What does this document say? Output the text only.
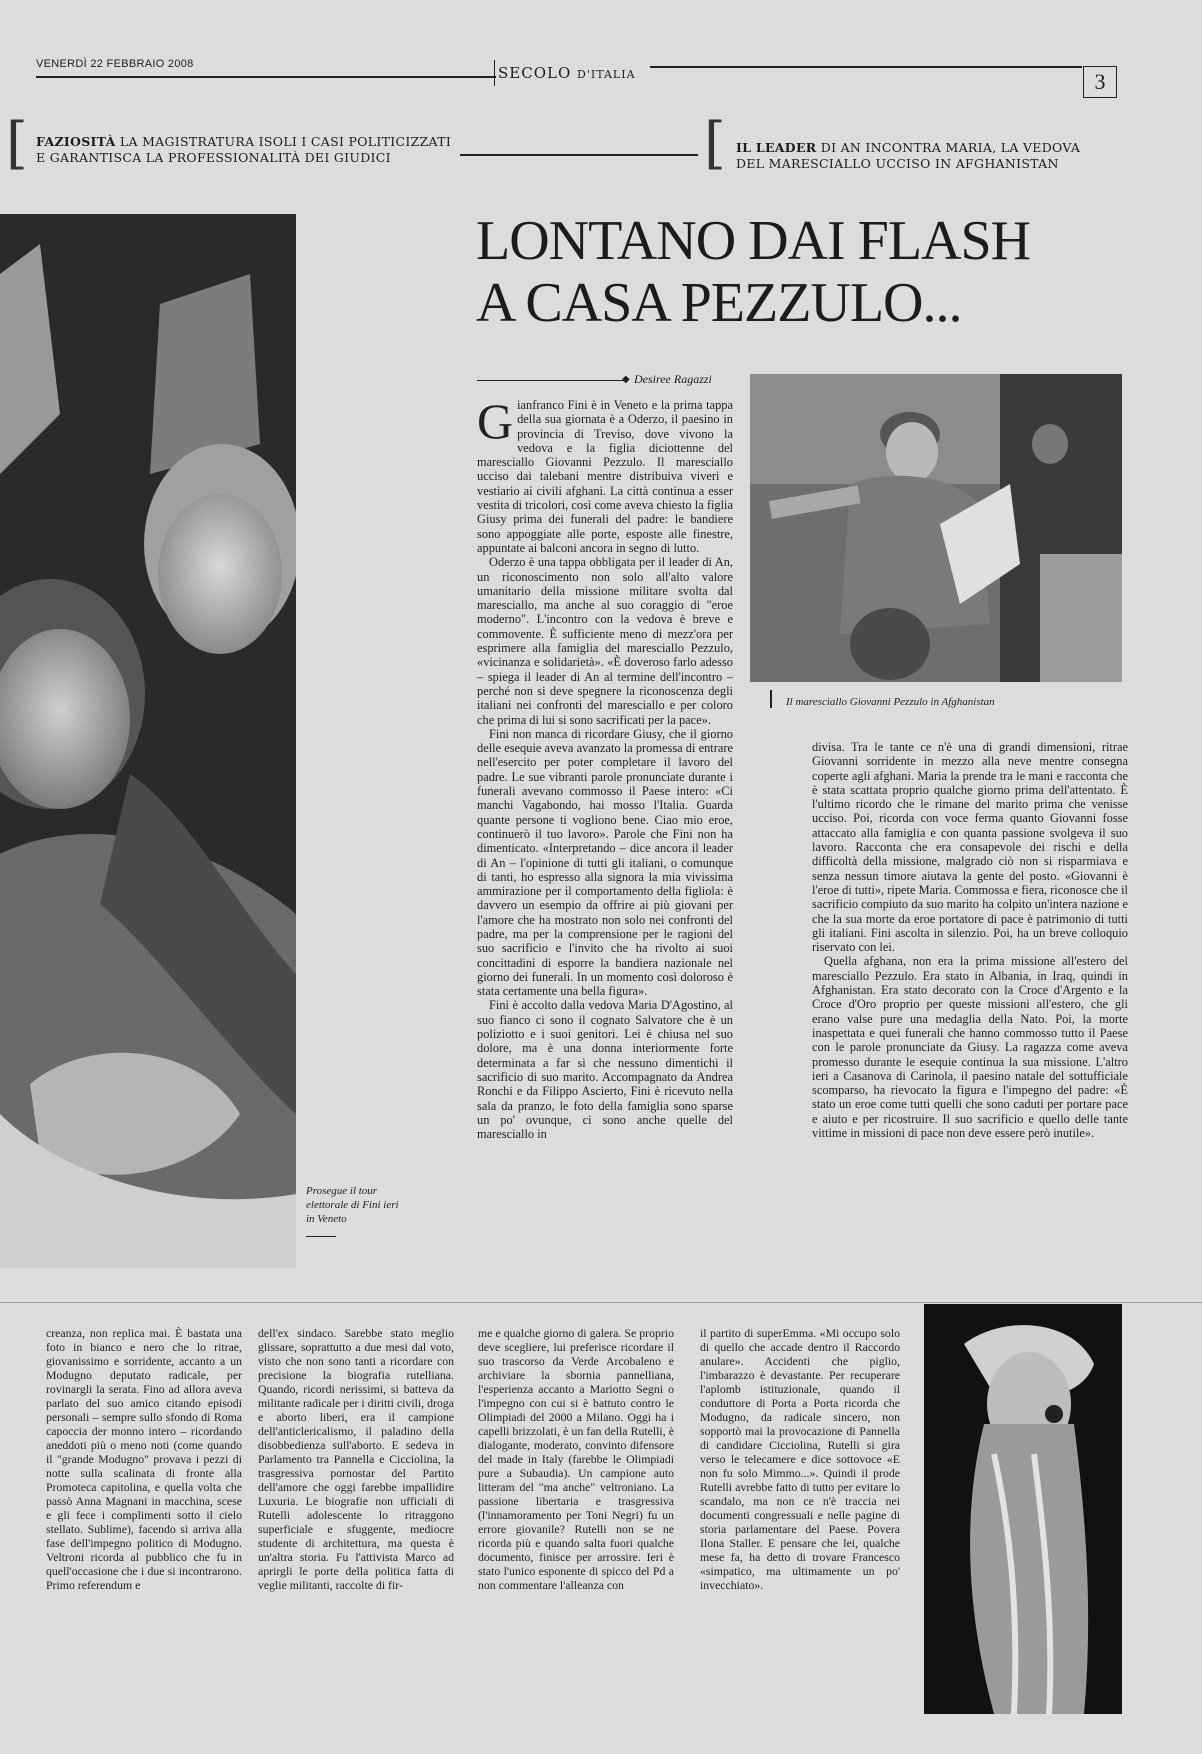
VENERDÌ 22 FEBBRAIO 2008	SECOLO D'ITALIA	3
[ FAZIOSITÀ LA MAGISTRATURA ISOLI I CASI POLITICIZZATI
E GARANTISCA LA PROFESSIONALITÀ DEI GIUDICI	[ IL LEADER DI AN INCONTRA MARIA, LA VEDOVA
DEL MARESCIALLO UCCISO IN AFGHANISTAN
LONTANO DAI FLASH
A CASA PEZZULO...
Prosegue il tour elettorale di Fini ieri in Veneto
◆ Desiree Ragazzi
Il maresciallo Giovanni Pezzulo in Afghanistan

Gianfranco Fini è in Veneto e la prima tappa della sua giornata è a Oderzo, il paesino in provincia di Treviso, dove vivono la vedova e la figlia diciottenne del maresciallo Giovanni Pezzulo. Il maresciallo ucciso dai talebani mentre distribuiva viveri e vestiario ai civili afghani. La città continua a esser vestita di tricolori, così come aveva chiesto la figlia Giusy prima dei funerali del padre: le bandiere sono appoggiate alle porte, esposte alle finestre, appuntate ai balconi ancora in segno di lutto.

Oderzo è una tappa obbligata per il leader di An, un riconoscimento non solo all'alto valore umanitario della missione militare svolta dal maresciallo, ma anche al suo coraggio di "eroe moderno". L'incontro con la vedova è breve e commovente. È sufficiente meno di mezz'ora per esprimere alla famiglia del maresciallo Pezzulo, «vicinanza e solidarietà». «È doveroso farlo adesso – spiega il leader di An al termine dell'incontro – perché non si deve spegnere la riconoscenza degli italiani nei confronti del maresciallo e per coloro che prima di lui si sono sacrificati per la pace».

Fini non manca di ricordare Giusy, che il giorno delle esequie aveva avanzato la promessa di entrare nell'esercito per poter completare il lavoro del padre. Le sue vibranti parole pronunciate durante i funerali avevano commosso il Paese intero: «Ci manchi Vagabondo, hai mosso l'Italia. Guarda quante persone ti vogliono bene. Ciao mio eroe, continuerò il tuo lavoro». Parole che Fini non ha dimenticato. «Interpretando – dice ancora il leader di An – l'opinione di tutti gli italiani, o comunque di tanti, ho espresso alla signora la mia vivissima ammirazione per il comportamento della figliola: è davvero un esempio da offrire ai più giovani per l'amore che ha mostrato non solo nei confronti del padre, ma per la comprensione per le ragioni del suo sacrificio e l'invito che ha rivolto ai suoi concittadini di esporre la bandiera nazionale nel giorno dei funerali. In un momento così doloroso è stata certamente una bella figura».

Fini è accolto dalla vedova Maria D'Agostino, al suo fianco ci sono il cognato Salvatore che è un poliziotto e i suoi genitori. Lei è chiusa nel suo dolore, ma è una donna interiormente forte determinata a far sì che nessuno dimentichi il sacrificio di suo marito. Accompagnato da Andrea Ronchi e da Filippo Ascierto, Fini è ricevuto nella sala da pranzo, le foto della famiglia sono sparse un po' ovunque, ci sono anche quelle del maresciallo in

divisa. Tra le tante ce n'è una di grandi dimensioni, ritrae Giovanni sorridente in mezzo alla neve mentre consegna coperte agli afghani. Maria la prende tra le mani e racconta che è stata scattata proprio qualche giorno prima dell'attentato. È l'ultimo ricordo che le rimane del marito prima che venisse ucciso. Poi, ricorda con voce ferma quanto Giovanni fosse attaccato alla famiglia e con quanta passione svolgeva il suo lavoro. Racconta che era consapevole dei rischi e della difficoltà della missione, malgrado ciò non si risparmiava e senza nessun timore aiutava la gente del posto. «Giovanni è l'eroe di tutti», ripete Maria. Commossa e fiera, riconosce che il sacrificio compiuto da suo marito ha colpito un'intera nazione e che la sua morte da eroe portatore di pace è patrimonio di tutti gli italiani. Fini ascolta in silenzio. Poi, ha un breve colloquio riservato con lei.

Quella afghana, non era la prima missione all'estero del maresciallo Pezzulo. Era stato in Albania, in Iraq, quindi in Afghanistan. Era stato decorato con la Croce d'Argento e la Croce d'Oro proprio per queste missioni all'estero, che gli erano valse pure una medaglia della Nato. Poi, la morte inaspettata e quei funerali che hanno commosso tutto il Paese con le parole pronunciate da Giusy. La ragazza come aveva promesso durante le esequie continua la sua missione. L'altro ieri a Casanova di Carinola, il paesino natale del sottufficiale scomparso, ha rievocato la figura e l'impegno del padre: «È stato un eroe come tutti quelli che sono caduti per portare pace e aiuto e per ricostruire. Il suo sacrificio e quello delle tante vittime in missioni di pace non deve essere però inutile».

creanza, non replica mai. È bastata una foto in bianco e nero che lo ritrae, giovanissimo e sorridente, accanto a un Modugno deputato radicale, per rovinargli la serata. Fino ad allora aveva parlato del suo amico citando episodi personali – sempre sullo sfondo di Roma capoccia der monno intero – ricordando aneddoti più o meno noti (come quando il "grande Modugno" provava i pezzi di notte sulla scalinata di fronte alla Promoteca capitolina, e quella volta che passò Anna Magnani in macchina, scese e gli fece i complimenti sotto il cielo stellato. Sublime), facendo si arriva alla fase dell'impegno politico di Modugno. Veltroni ricorda al pubblico che fu in quell'occasione che i due si incontrarono. Primo referendum e

dell'ex sindaco. Sarebbe stato meglio glissare, soprattutto a due mesi dal voto, visto che non sono tanti a ricordare con precisione la biografia rutelliana. Quando, ricordi nerissimi, si batteva da militante radicale per i diritti civili, droga e aborto liberi, era il campione dell'anticlericalismo, il paladino della disobbedienza sull'aborto. E sedeva in Parlamento tra Pannella e Cicciolina, la trasgressiva pornostar del Partito dell'amore che oggi farebbe impallidire Luxuria. Le biografie non ufficiali di Rutelli adolescente lo ritraggono superficiale e sfuggente, mediocre studente di architettura, ma questa è un'altra storia. Fu l'attivista Marco ad aprirgli le porte della politica fatta di veglie militanti, raccolte di fir-

me e qualche giorno di galera. Se proprio deve scegliere, lui preferisce ricordare il suo trascorso da Verde Arcobaleno e archiviare la sbornia pannelliana, l'esperienza accanto a Mariotto Segni o l'impegno con cui si è battuto contro le Olimpiadi del 2000 a Milano. Oggi ha i capelli brizzolati, è un fan della Rutelli, è dialogante, moderato, convinto difensore del made in Italy (farebbe le Olimpiadi pure a Subaudia). Un campione auto litteram del "ma anche" veltroniano. La passione libertaria e trasgressiva (l'innamoramento per Toni Negri) fu un errore giovanile? Rutelli non se ne ricorda più e quando salta fuori qualche documento, finisce per arrossire. Ieri è stato l'unico esponente di spicco del Pd a non commentare l'alleanza con

il partito di superEmma. «Mi occupo solo di quello che accade dentro il Raccordo anulare». Accidenti che piglio, l'imbarazzo è devastante. Per recuperare l'aplomb istituzionale, quando il conduttore di Porta a Porta ricorda che Modugno, da radicale sincero, non sopportò mai la provocazione di Pannella di candidare Cicciolina, Rutelli si gira verso le telecamere e dice sottovoce «E non fu solo Mimmo...». Quindi il prode Rutelli avrebbe fatto di tutto per evitare lo scandalo, ma non ce n'è traccia nei documenti congressuali e nelle pagine di storia parlamentare del Paese. Povera Ilona Staller. E pensare che lei, qualche mese fa, ha detto di trovare Francesco «simpatico, ma ultimamente un po' invecchiato».
